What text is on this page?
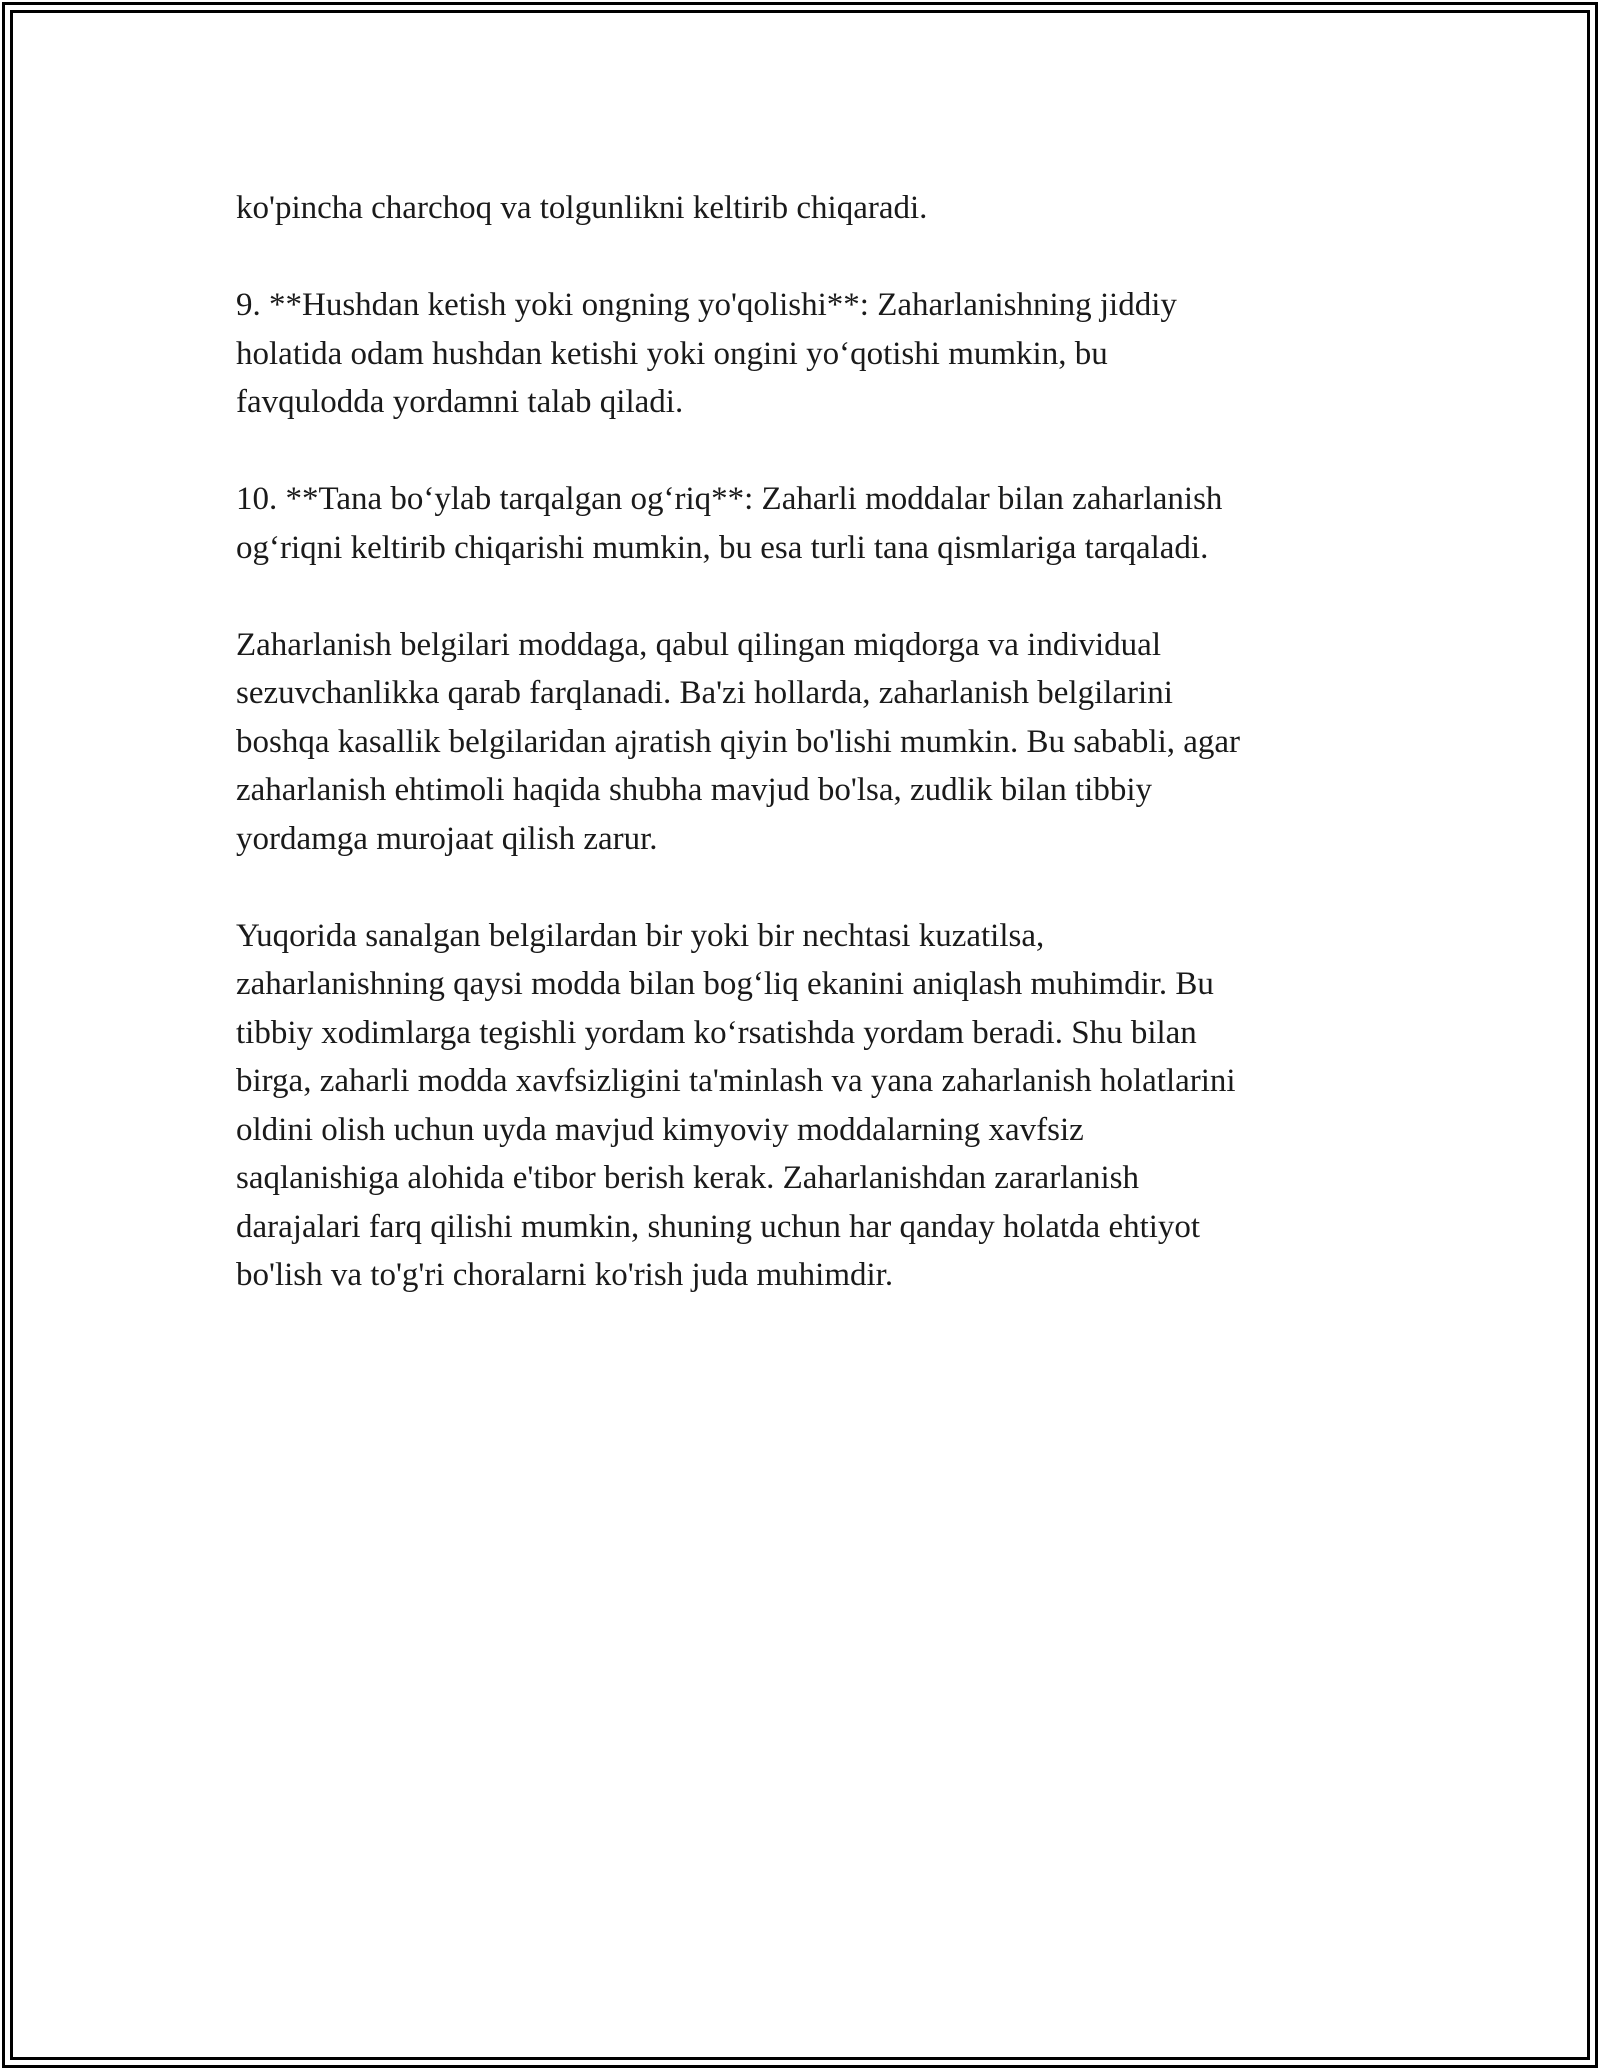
ko'pincha charchoq va tolgunlikni keltirib chiqaradi.

9. **Hushdan ketish yoki ongning yo'qolishi**: Zaharlanishning jiddiy
holatida odam hushdan ketishi yoki ongini yo‘qotishi mumkin, bu
favqulodda yordamni talab qiladi.

10. **Tana bo‘ylab tarqalgan og‘riq**: Zaharli moddalar bilan zaharlanish
og‘riqni keltirib chiqarishi mumkin, bu esa turli tana qismlariga tarqaladi.

Zaharlanish belgilari moddaga, qabul qilingan miqdorga va individual
sezuvchanlikka qarab farqlanadi. Ba'zi hollarda, zaharlanish belgilarini
boshqa kasallik belgilaridan ajratish qiyin bo'lishi mumkin. Bu sababli, agar
zaharlanish ehtimoli haqida shubha mavjud bo'lsa, zudlik bilan tibbiy
yordamga murojaat qilish zarur.

Yuqorida sanalgan belgilardan bir yoki bir nechtasi kuzatilsa,
zaharlanishning qaysi modda bilan bog‘liq ekanini aniqlash muhimdir. Bu
tibbiy xodimlarga tegishli yordam ko‘rsatishda yordam beradi. Shu bilan
birga, zaharli modda xavfsizligini ta'minlash va yana zaharlanish holatlarini
oldini olish uchun uyda mavjud kimyoviy moddalarning xavfsiz
saqlanishiga alohida e'tibor berish kerak. Zaharlanishdan zararlanish
darajalari farq qilishi mumkin, shuning uchun har qanday holatda ehtiyot
bo'lish va to'g'ri choralarni ko'rish juda muhimdir.
